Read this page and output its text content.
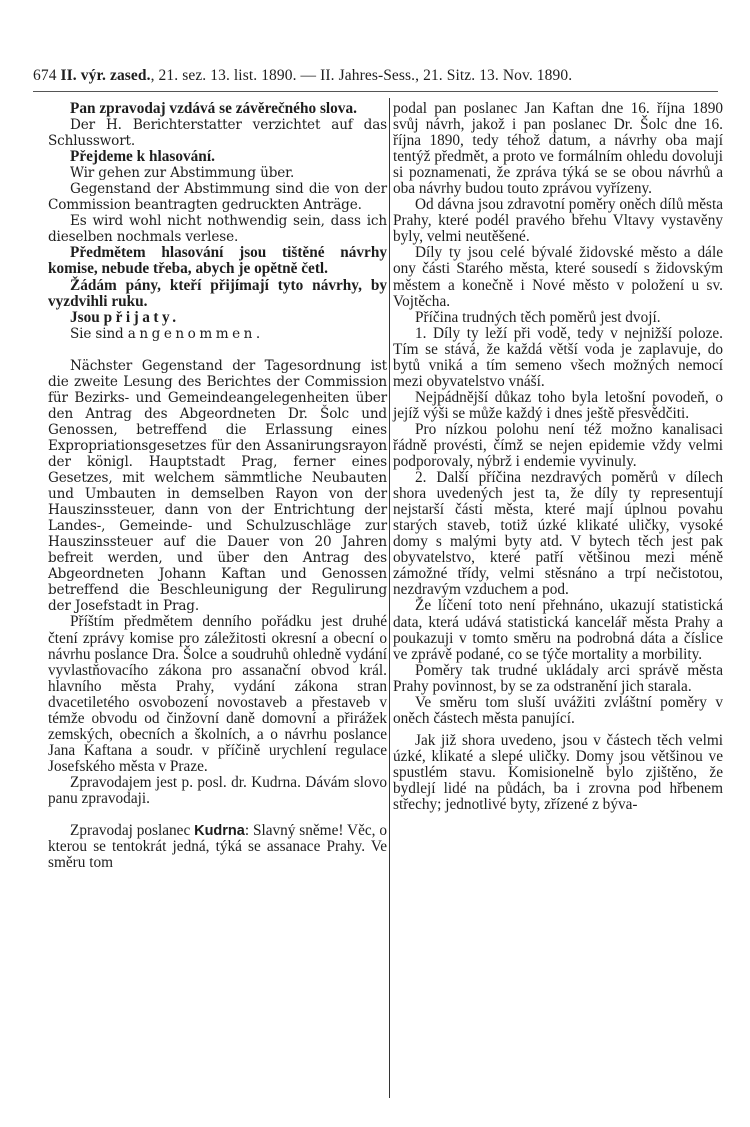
674 II. výr. zased., 21. sez. 13. list. 1890. — II. Jahres-Sess., 21. Sitz. 13. Nov. 1890.

Pan zpravodaj vzdává se závěrečného slova.

Der H. Berichterstatter verzichtet auf das Schlusswort.

Přejdeme k hlasování.

Wir gehen zur Abstimmung über.

Gegenstand der Abstimmung sind die von der Commission beantragten gedruckten Anträge.

Es wird wohl nicht nothwendig sein, dass ich dieselben nochmals verlese.

Předmětem hlasování jsou tištěné návrhy komise, nebude třeba, abych je opětně četl.

Žádám pány, kteří přijímají tyto návrhy, by vyzdvihli ruku.

Jsou přijaty.

Sie sind angenommen.

Nächster Gegenstand der Tagesordnung ist die zweite Lesung des Berichtes der Commission für Bezirks- und Gemeindeangelegenheiten über den Antrag des Abgeordneten Dr. Šolc und Genossen, betreffend die Erlassung eines Expropriationsgesetzes für den Assanirungsrayon der königl. Hauptstadt Prag, ferner eines Gesetzes, mit welchem sämmtliche Neubauten und Umbauten in demselben Rayon von der Hauszinssteuer, dann von der Entrichtung der Landes-, Gemeinde- und Schulzuschläge zur Hauszinssteuer auf die Dauer von 20 Jahren befreit werden, und über den Antrag des Abgeordneten Johann Kaftan und Genossen betreffend die Beschleunigung der Regulirung der Josefstadt in Prag.

Příštím předmětem denního pořádku jest druhé čtení zprávy komise pro záležitosti okresní a obecní o návrhu poslance Dra. Šolce a soudruhů ohledně vydání vyvlastňovacího zákona pro assanační obvod král. hlavního města Prahy, vydání zákona stran dvacetiletého osvobození novostaveb a přestaveb v témže obvodu od činžovní daně domovní a přirážek zemských, obecních a školních, a o návrhu poslance Jana Kaftana a soudr. v příčině urychlení regulace Josefského města v Praze.

Zpravodajem jest p. posl. dr. Kudrna. Dávám slovo panu zpravodaji.

Zpravodaj poslanec Kudrna: Slavný sněme! Věc, o kterou se tentokrát jedná, týká se assanace Prahy. Ve směru tom

podal pan poslanec Jan Kaftan dne 16. října 1890 svůj návrh, jakož i pan poslanec Dr. Šolc dne 16. října 1890, tedy téhož datum, a návrhy oba mají tentýž předmět, a proto ve formálním ohledu dovoluji si poznamenati, že zpráva týká se se obou návrhů a oba návrhy budou touto zprávou vyřízeny.

Od dávna jsou zdravotní poměry oněch dílů města Prahy, které podél pravého břehu Vltavy vystavěny byly, velmi neutěšené.

Díly ty jsou celé bývalé židovské město a dále ony části Starého města, které sousedí s židovským městem a konečně i Nové město v položení u sv. Vojtěcha.

Příčina trudných těch poměrů jest dvojí.

1. Díly ty leží při vodě, tedy v nejnižší poloze. Tím se stává, že každá větší voda je zaplavuje, do bytů vniká a tím semeno všech možných nemocí mezi obyvatelstvo vnáší.

Nejpádnější důkaz toho byla letošní povodeň, o jejíž výši se může každý i dnes ještě přesvědčiti.

Pro nízkou polohu není též možno kanalisaci řádně provésti, čímž se nejen epidemie vždy velmi podporovaly, nýbrž i endemie vyvinuly.

2. Další příčina nezdravých poměrů v dílech shora uvedených jest ta, že díly ty representují nejstarší části města, které mají úplnou povahu starých staveb, totiž úzké klikaté uličky, vysoké domy s malými byty atd. V bytech těch jest pak obyvatelstvo, které patří většinou mezi méně zámožné třídy, velmi stěsnáno a trpí nečistotou, nezdravým vzduchem a pod.

Že líčení toto není přehnáno, ukazují statistická data, která udává statistická kancelář města Prahy a poukazuji v tomto směru na podrobná dáta a číslice ve zprávě podané, co se týče mortality a morbility.

Poměry tak trudné ukládaly arci správě města Prahy povinnost, by se za odstranění jich starala.

Ve směru tom sluší uvážiti zvláštní poměry v oněch částech města panující.

Jak již shora uvedeno, jsou v částech těch velmi úzké, klikaté a slepé uličky. Domy jsou většinou ve spustlém stavu. Komisionelně bylo zjištěno, že bydlejí lidé na půdách, ba i zrovna pod hřbenem střechy; jednotlivé byty, zřízené z býva-
